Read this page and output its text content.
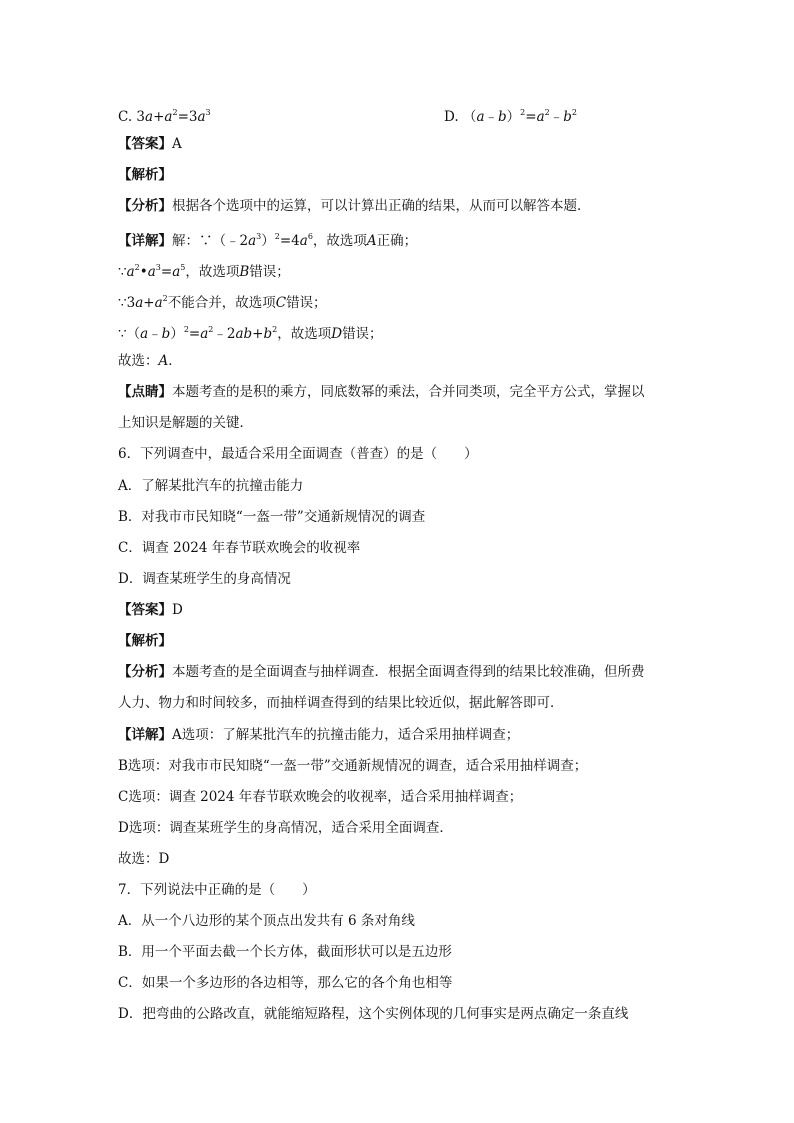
C. $3a+a^2=3a^3$	D. $(a﹣b)^2=a^2﹣b^2$
【答案】A
【解析】
【分析】根据各个选项中的运算，可以计算出正确的结果，从而可以解答本题．
【详解】解：$\because(﹣2a^3)^2=4a^6$，故选项A正确；
$\because a^2•a^3=a^5$，故选项B错误；
$\because 3a+a^2$不能合并，故选项C错误；
$\because(a﹣b)^2=a^2﹣2ab+b^2$，故选项D错误；
故选：A．
【点睛】本题考查的是积的乘方，同底数幂的乘法，合并同类项，完全平方公式，掌握以
上知识是解题的关键．
6．下列调查中，最适合采用全面调查（普查）的是（　　）
A．了解某批汽车的抗撞击能力
B．对我市市民知晓“一盔一带”交通新规情况的调查
C．调查 2024 年春节联欢晚会的收视率
D．调查某班学生的身高情况
【答案】D
【解析】
【分析】本题考查的是全面调查与抽样调查．根据全面调查得到的结果比较准确，但所费
人力、物力和时间较多，而抽样调查得到的结果比较近似，据此解答即可．
【详解】A选项：了解某批汽车的抗撞击能力，适合采用抽样调查；
B选项：对我市市民知晓“一盔一带”交通新规情况的调查，适合采用抽样调查；
C选项：调查 2024 年春节联欢晚会的收视率，适合采用抽样调查；
D选项：调查某班学生的身高情况，适合采用全面调查．
故选：D
7．下列说法中正确的是（　　）
A．从一个八边形的某个顶点出发共有 6 条对角线
B．用一个平面去截一个长方体，截面形状可以是五边形
C．如果一个多边形的各边相等，那么它的各个角也相等
D．把弯曲的公路改直，就能缩短路程，这个实例体现的几何事实是两点确定一条直线
